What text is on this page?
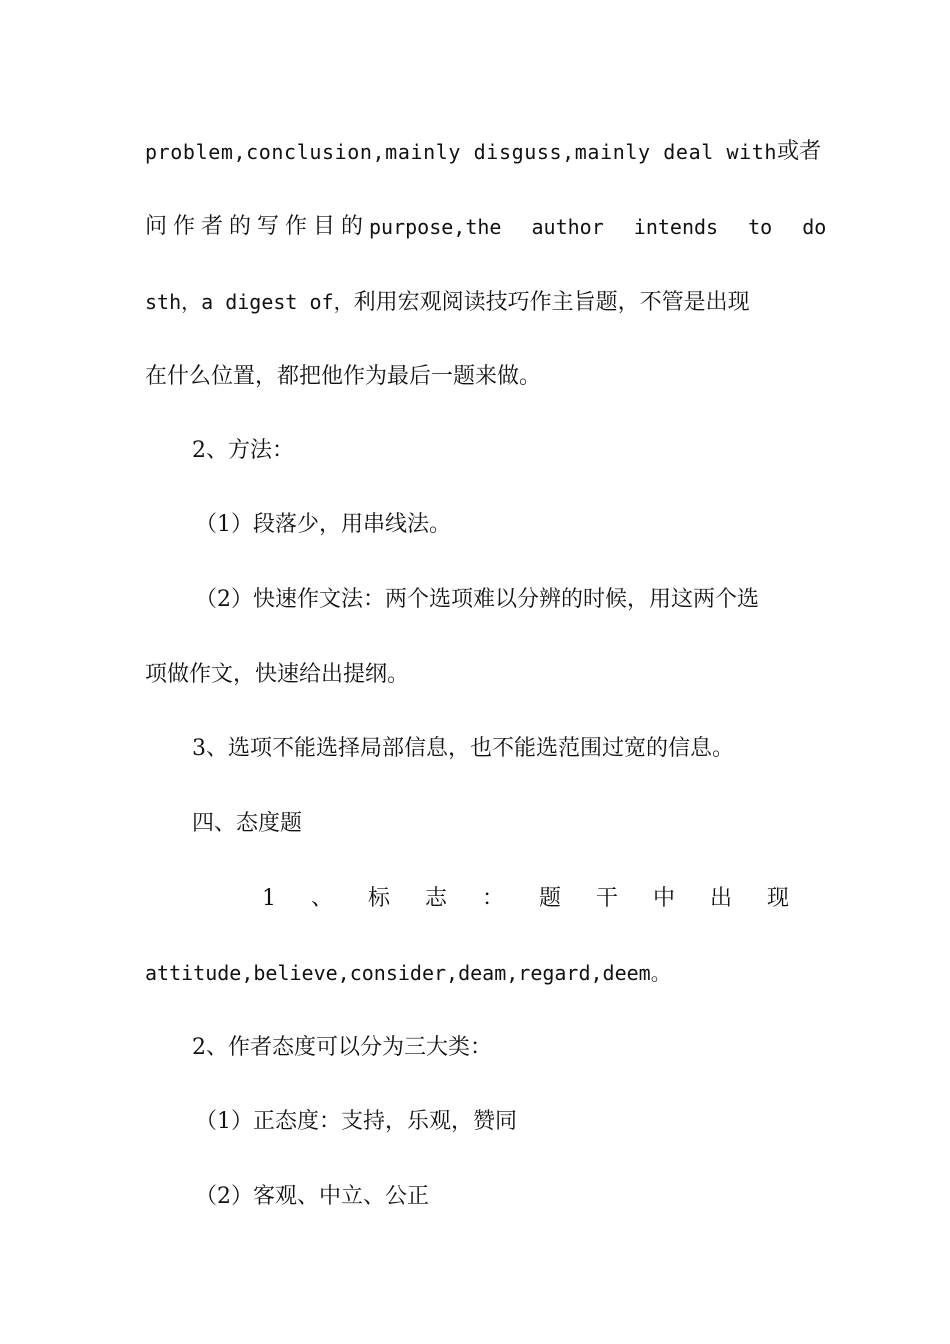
problem,conclusion,mainly disguss,mainly deal with 或者
问作者的写作目的 purpose,the author intends to do
sth，a digest of，利用宏观阅读技巧作主旨题，不管是出现
在什么位置，都把他作为最后一题来做。
2、方法：
（1）段落少，用串线法。
（2）快速作文法：两个选项难以分辨的时候，用这两个选
项做作文，快速给出提纲。
3、选项不能选择局部信息，也不能选范围过宽的信息。
四、态度题
1、标志：题干中出现
attitude,believe,consider,deam,regard,deem。
2、作者态度可以分为三大类：
（1）正态度：支持，乐观，赞同
（2）客观、中立、公正
